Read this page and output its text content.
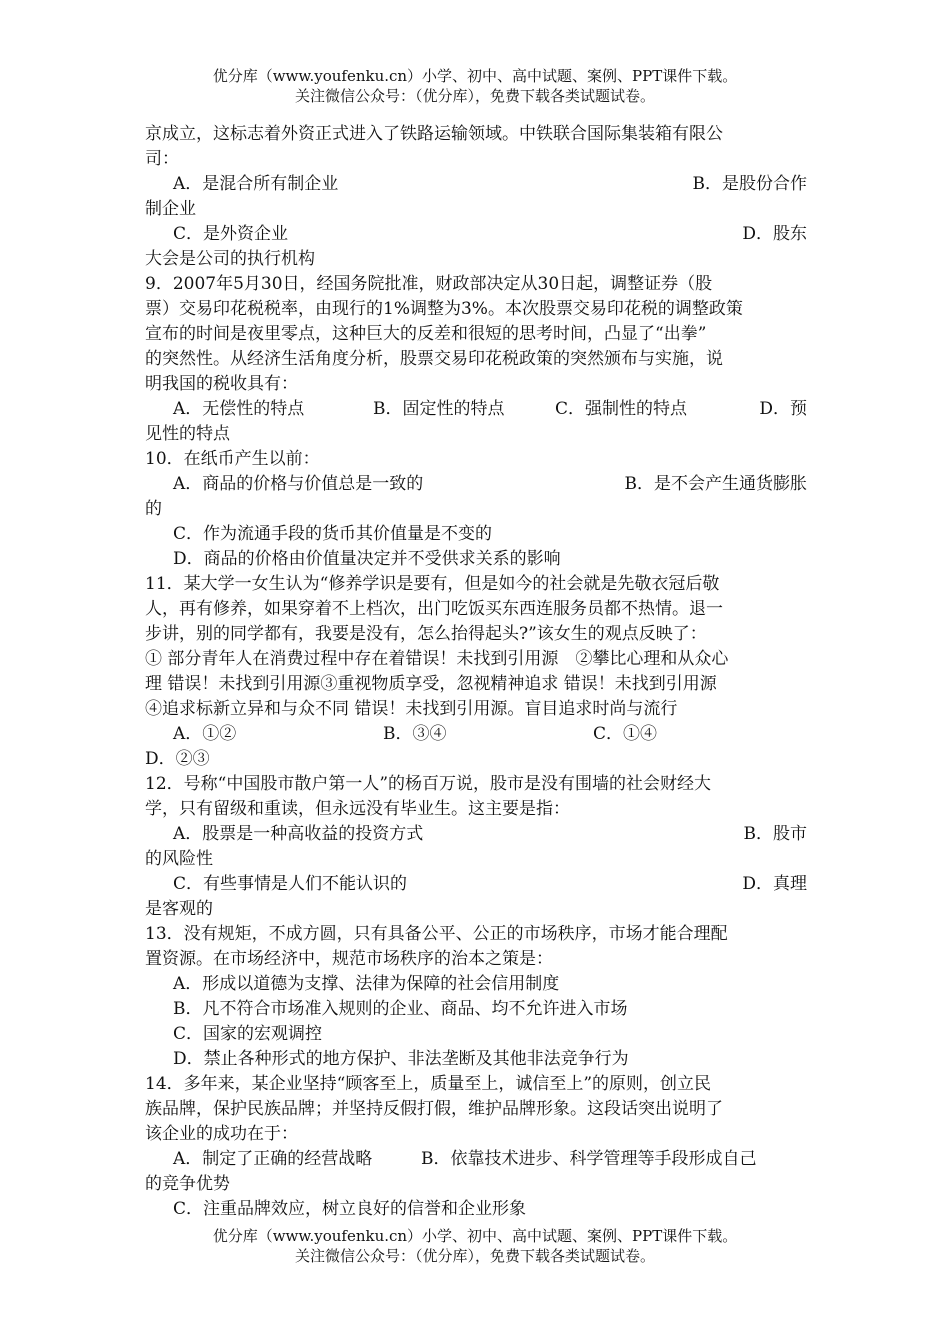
优分库（www.youfenku.cn）小学、初中、高中试题、案例、PPT课件下载。
关注微信公众号：（优分库），免费下载各类试题试卷。
京成立，这标志着外资正式进入了铁路运输领域。中铁联合国际集装箱有限公
司：
A．是混合所有制企业	B．是股份合作
制企业
C．是外资企业	D．股东
大会是公司的执行机构
9．2007年5月30日，经国务院批准，财政部决定从30日起，调整证券（股
票）交易印花税税率，由现行的1%调整为3%。本次股票交易印花税的调整政策
宣布的时间是夜里零点，这种巨大的反差和很短的思考时间，凸显了“出拳”
的突然性。从经济生活角度分析，股票交易印花税政策的突然颁布与实施，说
明我国的税收具有：
A．无偿性的特点	B．固定性的特点	C．强制性的特点	D．预
见性的特点
10．在纸币产生以前：
A．商品的价格与价值总是一致的	B．是不会产生通货膨胀
的
C．作为流通手段的货币其价值量是不变的
D．商品的价格由价值量决定并不受供求关系的影响
11．某大学一女生认为“修养学识是要有，但是如今的社会就是先敬衣冠后敬
人，再有修养，如果穿着不上档次，出门吃饭买东西连服务员都不热情。退一
步讲，别的同学都有，我要是没有，怎么抬得起头?”该女生的观点反映了：
① 部分青年人在消费过程中存在着错误！未找到引用源　②攀比心理和从众心
理 错误！未找到引用源③重视物质享受，忽视精神追求 错误！未找到引用源
④追求标新立异和与众不同 错误！未找到引用源。盲目追求时尚与流行
A．①②	B．③④	C．①④
D．②③
12．号称“中国股市散户第一人”的杨百万说，股市是没有围墙的社会财经大
学，只有留级和重读，但永远没有毕业生。这主要是指：
A．股票是一种高收益的投资方式	B．股市
的风险性
C．有些事情是人们不能认识的	D．真理
是客观的
13．没有规矩，不成方圆，只有具备公平、公正的市场秩序，市场才能合理配
置资源。在市场经济中，规范市场秩序的治本之策是：
A．形成以道德为支撑、法律为保障的社会信用制度
B．凡不符合市场准入规则的企业、商品、均不允许进入市场
C．国家的宏观调控
D．禁止各种形式的地方保护、非法垄断及其他非法竞争行为
14．多年来，某企业坚持“顾客至上，质量至上，诚信至上”的原则，创立民
族品牌，保护民族品牌；并坚持反假打假，维护品牌形象。这段话突出说明了
该企业的成功在于：
A．制定了正确的经营战略	B．依靠技术进步、科学管理等手段形成自己
的竞争优势
C．注重品牌效应，树立良好的信誉和企业形象
优分库（www.youfenku.cn）小学、初中、高中试题、案例、PPT课件下载。
关注微信公众号：（优分库），免费下载各类试题试卷。
